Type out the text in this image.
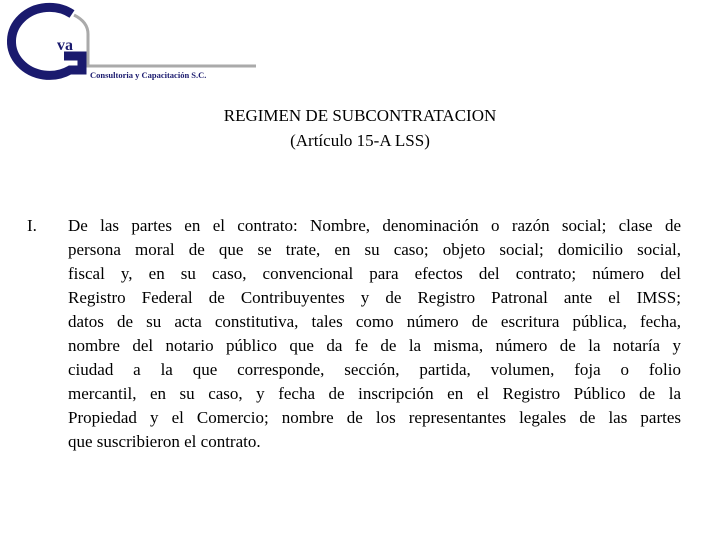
va
Consultoria y Capacitación S.C.
REGIMEN DE SUBCONTRATACION
(Artículo 15-A LSS)
I. De las partes en el contrato: Nombre, denominación o razón social; clase de
persona moral de que se trate, en su caso; objeto social; domicilio social,
fiscal y, en su caso, convencional para efectos del contrato; número del
Registro Federal de Contribuyentes y de Registro Patronal ante el IMSS;
datos de su acta constitutiva, tales como número de escritura pública, fecha,
nombre del notario público que da fe de la misma, número de la notaría y
ciudad a la que corresponde, sección, partida, volumen, foja o folio
mercantil, en su caso, y fecha de inscripción en el Registro Público de la
Propiedad y el Comercio; nombre de los representantes legales de las partes
que suscribieron el contrato.
